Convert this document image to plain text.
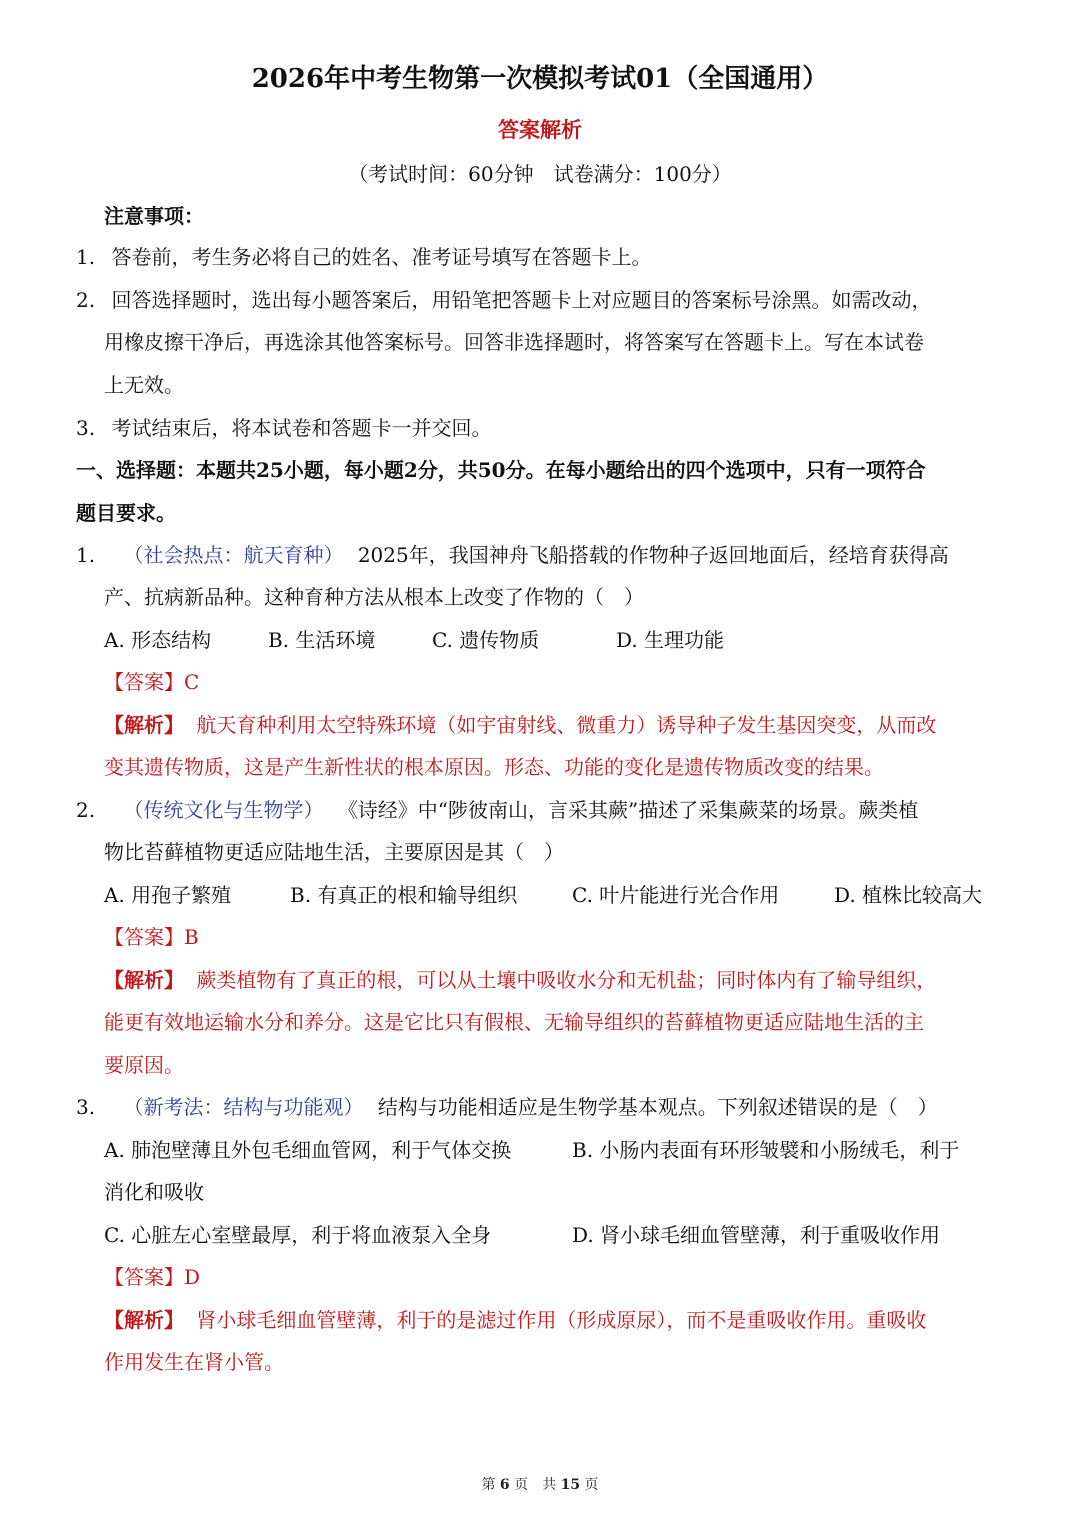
2026年中考生物第一次模拟考试01（全国通用）
答案解析
（考试时间：60分钟　试卷满分：100分）
注意事项：
1. 答卷前，考生务必将自己的姓名、准考证号填写在答题卡上。
2. 回答选择题时，选出每小题答案后，用铅笔把答题卡上对应题目的答案标号涂黑。如需改动，
用橡皮擦干净后，再选涂其他答案标号。回答非选择题时，将答案写在答题卡上。写在本试卷
上无效。
3. 考试结束后，将本试卷和答题卡一并交回。
一、选择题：本题共25小题，每小题2分，共50分。在每小题给出的四个选项中，只有一项符合
题目要求。
1. （社会热点：航天育种） 2025年，我国神舟飞船搭载的作物种子返回地面后，经培育获得高
产、抗病新品种。这种育种方法从根本上改变了作物的（　）
A. 形态结构	B. 生活环境	C. 遗传物质	D. 生理功能
【答案】C
【解析】 航天育种利用太空特殊环境（如宇宙射线、微重力）诱导种子发生基因突变，从而改
变其遗传物质，这是产生新性状的根本原因。形态、功能的变化是遗传物质改变的结果。
2. （传统文化与生物学） 《诗经》中“陟彼南山，言采其蕨”描述了采集蕨菜的场景。蕨类植
物比苔藓植物更适应陆地生活，主要原因是其（　）
A. 用孢子繁殖	B. 有真正的根和输导组织	C. 叶片能进行光合作用	D. 植株比较高大
【答案】B
【解析】 蕨类植物有了真正的根，可以从土壤中吸收水分和无机盐；同时体内有了输导组织，
能更有效地运输水分和养分。这是它比只有假根、无输导组织的苔藓植物更适应陆地生活的主
要原因。
3. （新考法：结构与功能观） 结构与功能相适应是生物学基本观点。下列叙述错误的是（　）
A. 肺泡壁薄且外包毛细血管网，利于气体交换	B. 小肠内表面有环形皱襞和小肠绒毛，利于
消化和吸收
C. 心脏左心室壁最厚，利于将血液泵入全身	D. 肾小球毛细血管壁薄，利于重吸收作用
【答案】D
【解析】 肾小球毛细血管壁薄，利于的是滤过作用（形成原尿），而不是重吸收作用。重吸收
作用发生在肾小管。
第 6 页　共 15 页
